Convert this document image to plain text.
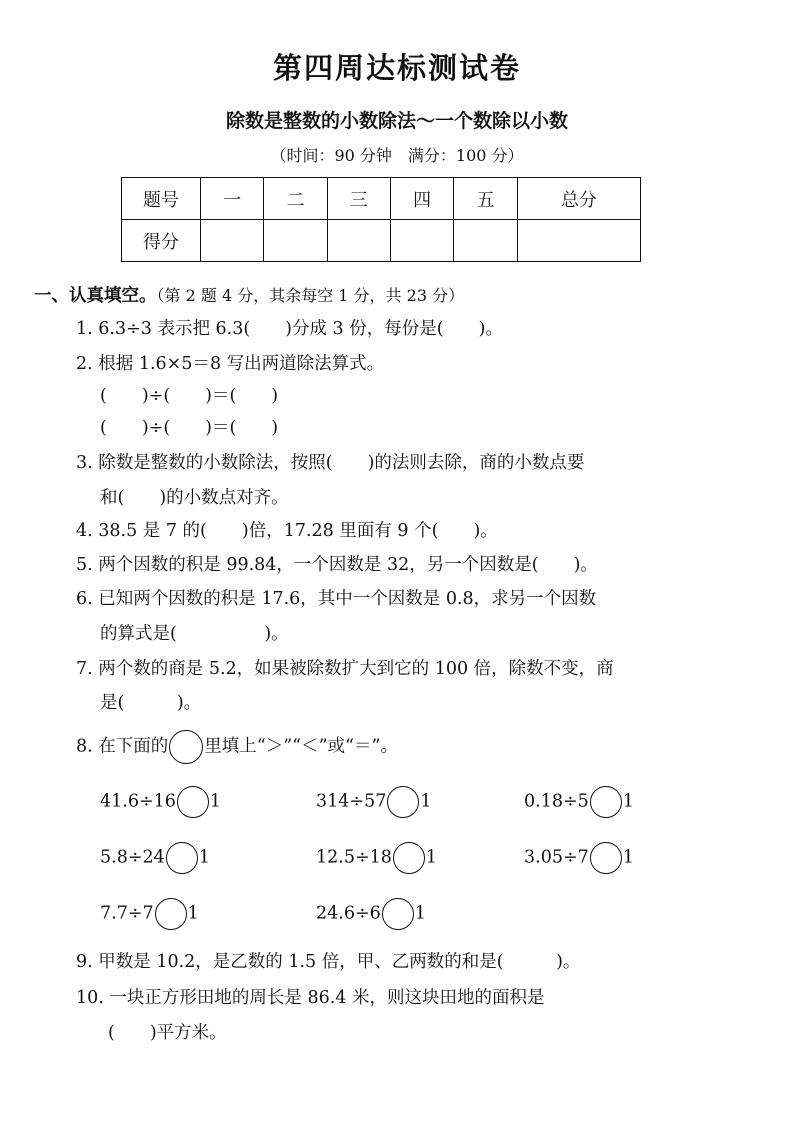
第四周达标测试卷
除数是整数的小数除法～一个数除以小数
（时间：90 分钟　满分：100 分）
题号	一	二	三	四	五	总分
得分						
一、认真填空。（第 2 题 4 分，其余每空 1 分，共 23 分）
1. 6.3÷3 表示把 6.3(　　)分成 3 份，每份是(　　)。
2. 根据 1.6×5＝8 写出两道除法算式。
(　　)÷(　　)＝(　　)
(　　)÷(　　)＝(　　)
3. 除数是整数的小数除法，按照(　　)的法则去除，商的小数点要
和(　　)的小数点对齐。
4. 38.5 是 7 的(　　)倍，17.28 里面有 9 个(　　)。
5. 两个因数的积是 99.84，一个因数是 32，另一个因数是(　　)。
6. 已知两个因数的积是 17.6，其中一个因数是 0.8，求另一个因数
的算式是(　　　　　)。
7. 两个数的商是 5.2，如果被除数扩大到它的 100 倍，除数不变，商
是(　　　)。
8. 在下面的 里填上“＞”“＜”或“＝”。
41.6÷16 1	314÷57 1	0.18÷5 1
5.8÷24 1	12.5÷18 1	3.05÷7 1
7.7÷7 1	24.6÷6 1
9. 甲数是 10.2，是乙数的 1.5 倍，甲、乙两数的和是(　　　)。
10. 一块正方形田地的周长是 86.4 米，则这块田地的面积是
(　　)平方米。
